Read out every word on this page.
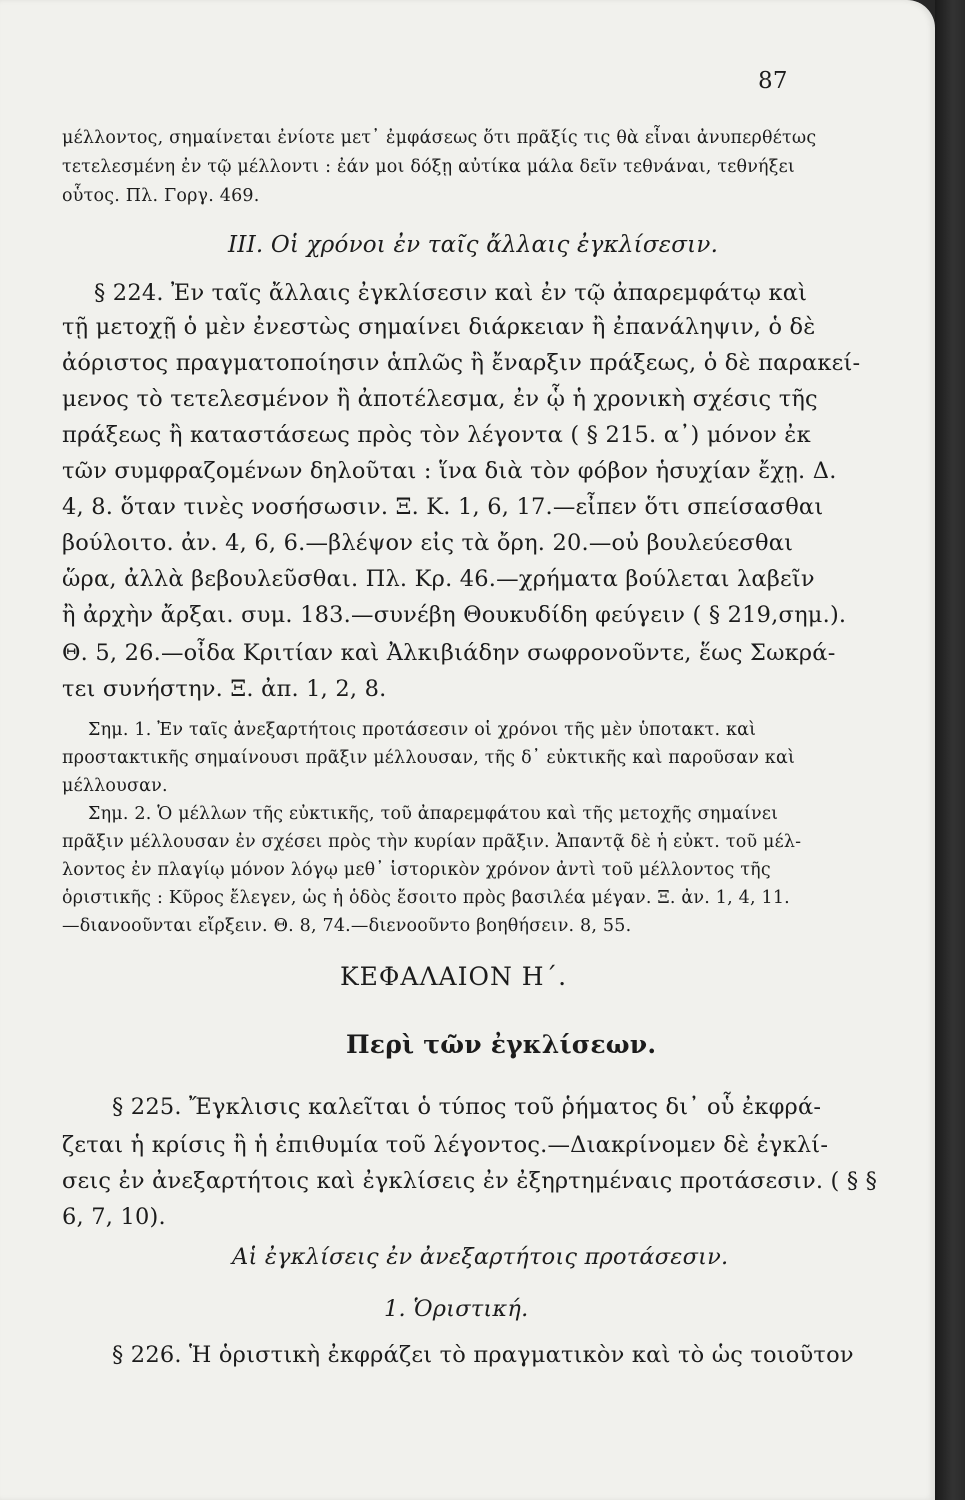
87
μέλλοντος, σημαίνεται ἐνίοτε μετ᾽ ἐμφάσεως ὅτι πρᾶξίς τις θὰ εἶναι ἀνυπερθέτως
τετελεσμένη ἐν τῷ μέλλοντι : ἐάν μοι δόξῃ αὐτίκα μάλα δεῖν τεθνάναι, τεθνήξει
οὗτος. Πλ. Γοργ. 469.
III. Οἱ χρόνοι ἐν ταῖς ἄλλαις ἐγκλίσεσιν.
§ 224. Ἐν ταῖς ἄλλαις ἐγκλίσεσιν καὶ ἐν τῷ ἀπαρεμφάτῳ καὶ
τῇ μετοχῇ ὁ μὲν ἐνεστὼς σημαίνει διάρκειαν ἢ ἐπανάληψιν, ὁ δὲ
ἀόριστος πραγματοποίησιν ἁπλῶς ἢ ἔναρξιν πράξεως, ὁ δὲ παρακεί-
μενος τὸ τετελεσμένον ἢ ἀποτέλεσμα, ἐν ᾧ ἡ χρονικὴ σχέσις τῆς
πράξεως ἢ καταστάσεως πρὸς τὸν λέγοντα ( § 215. α᾽) μόνον ἐκ
τῶν συμφραζομένων δηλοῦται : ἵνα διὰ τὸν φόβον ἡσυχίαν ἔχῃ. Δ.
4, 8. ὅταν τινὲς νοσήσωσιν. Ξ. Κ. 1, 6, 17.—εἶπεν ὅτι σπείσασθαι
βούλοιτο. ἀν. 4, 6, 6.—βλέψον εἰς τὰ ὄρη. 20.—οὐ βουλεύεσθαι
ὥρα, ἀλλὰ βεβουλεῦσθαι. Πλ. Κρ. 46.—χρήματα βούλεται λαβεῖν
ἢ ἀρχὴν ἄρξαι. συμ. 183.—συνέβη Θουκυδίδη φεύγειν ( § 219,σημ.).
Θ. 5, 26.—οἶδα Κριτίαν καὶ Ἀλκιβιάδην σωφρονοῦντε, ἕως Σωκρά-
τει συνήστην. Ξ. ἀπ. 1, 2, 8.
Σημ. 1. Ἐν ταῖς ἀνεξαρτήτοις προτάσεσιν οἱ χρόνοι τῆς μὲν ὑποτακτ. καὶ
προστακτικῆς σημαίνουσι πρᾶξιν μέλλουσαν, τῆς δ᾽ εὐκτικῆς καὶ παροῦσαν καὶ
μέλλουσαν.
Σημ. 2. Ὁ μέλλων τῆς εὐκτικῆς, τοῦ ἀπαρεμφάτου καὶ τῆς μετοχῆς σημαίνει
πρᾶξιν μέλλουσαν ἐν σχέσει πρὸς τὴν κυρίαν πρᾶξιν. Ἀπαντᾷ δὲ ἡ εὐκτ. τοῦ μέλ-
λοντος ἐν πλαγίῳ μόνον λόγῳ μεθ᾽ ἱστορικὸν χρόνον ἀντὶ τοῦ μέλλοντος τῆς
ὁριστικῆς : Κῦρος ἔλεγεν, ὡς ἡ ὁδὸς ἔσοιτο πρὸς βασιλέα μέγαν. Ξ. ἀν. 1, 4, 11.
—διανοοῦνται εἴρξειν. Θ. 8, 74.—διενοοῦντο βοηθήσειν. 8, 55.
ΚΕΦΑΛΑΙΟΝ Η΄.
Περὶ τῶν ἐγκλίσεων.
§ 225. Ἔγκλισις καλεῖται ὁ τύπος τοῦ ῥήματος δι᾽ οὗ ἐκφρά-
ζεται ἡ κρίσις ἢ ἡ ἐπιθυμία τοῦ λέγοντος.—Διακρίνομεν δὲ ἐγκλί-
σεις ἐν ἀνεξαρτήτοις καὶ ἐγκλίσεις ἐν ἐξηρτημέναις προτάσεσιν. ( § §
6, 7, 10).
Αἱ ἐγκλίσεις ἐν ἀνεξαρτήτοις προτάσεσιν.
1. Ὁριστική.
§ 226. Ἡ ὁριστικὴ ἐκφράζει τὸ πραγματικὸν καὶ τὸ ὡς τοιοῦτον
